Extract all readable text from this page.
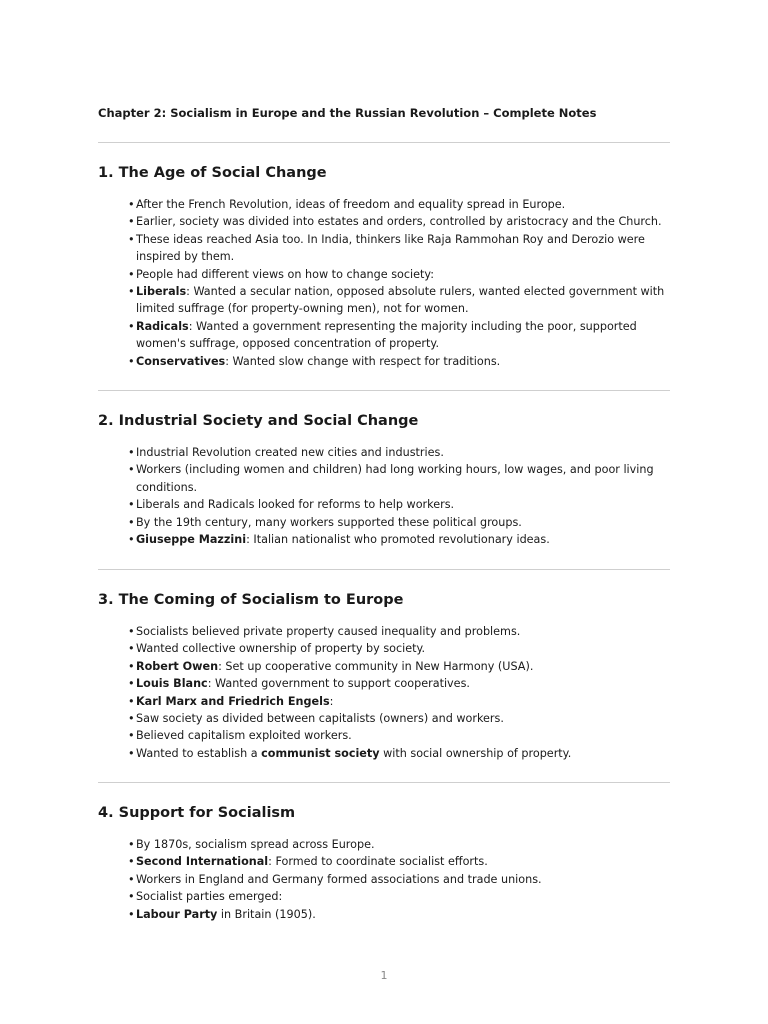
Chapter 2: Socialism in Europe and the Russian Revolution – Complete Notes
1. The Age of Social Change
•After the French Revolution, ideas of freedom and equality spread in Europe.
•Earlier, society was divided into estates and orders, controlled by aristocracy and the Church.
•These ideas reached Asia too. In India, thinkers like Raja Rammohan Roy and Derozio were inspired by them.
•People had different views on how to change society:
•Liberals: Wanted a secular nation, opposed absolute rulers, wanted elected government with limited suffrage (for property-owning men), not for women.
•Radicals: Wanted a government representing the majority including the poor, supported women's suffrage, opposed concentration of property.
•Conservatives: Wanted slow change with respect for traditions.
2. Industrial Society and Social Change
•Industrial Revolution created new cities and industries.
•Workers (including women and children) had long working hours, low wages, and poor living conditions.
•Liberals and Radicals looked for reforms to help workers.
•By the 19th century, many workers supported these political groups.
•Giuseppe Mazzini: Italian nationalist who promoted revolutionary ideas.
3. The Coming of Socialism to Europe
•Socialists believed private property caused inequality and problems.
•Wanted collective ownership of property by society.
•Robert Owen: Set up cooperative community in New Harmony (USA).
•Louis Blanc: Wanted government to support cooperatives.
•Karl Marx and Friedrich Engels:
•Saw society as divided between capitalists (owners) and workers.
•Believed capitalism exploited workers.
•Wanted to establish a communist society with social ownership of property.
4. Support for Socialism
•By 1870s, socialism spread across Europe.
•Second International: Formed to coordinate socialist efforts.
•Workers in England and Germany formed associations and trade unions.
•Socialist parties emerged:
•Labour Party in Britain (1905).
1
